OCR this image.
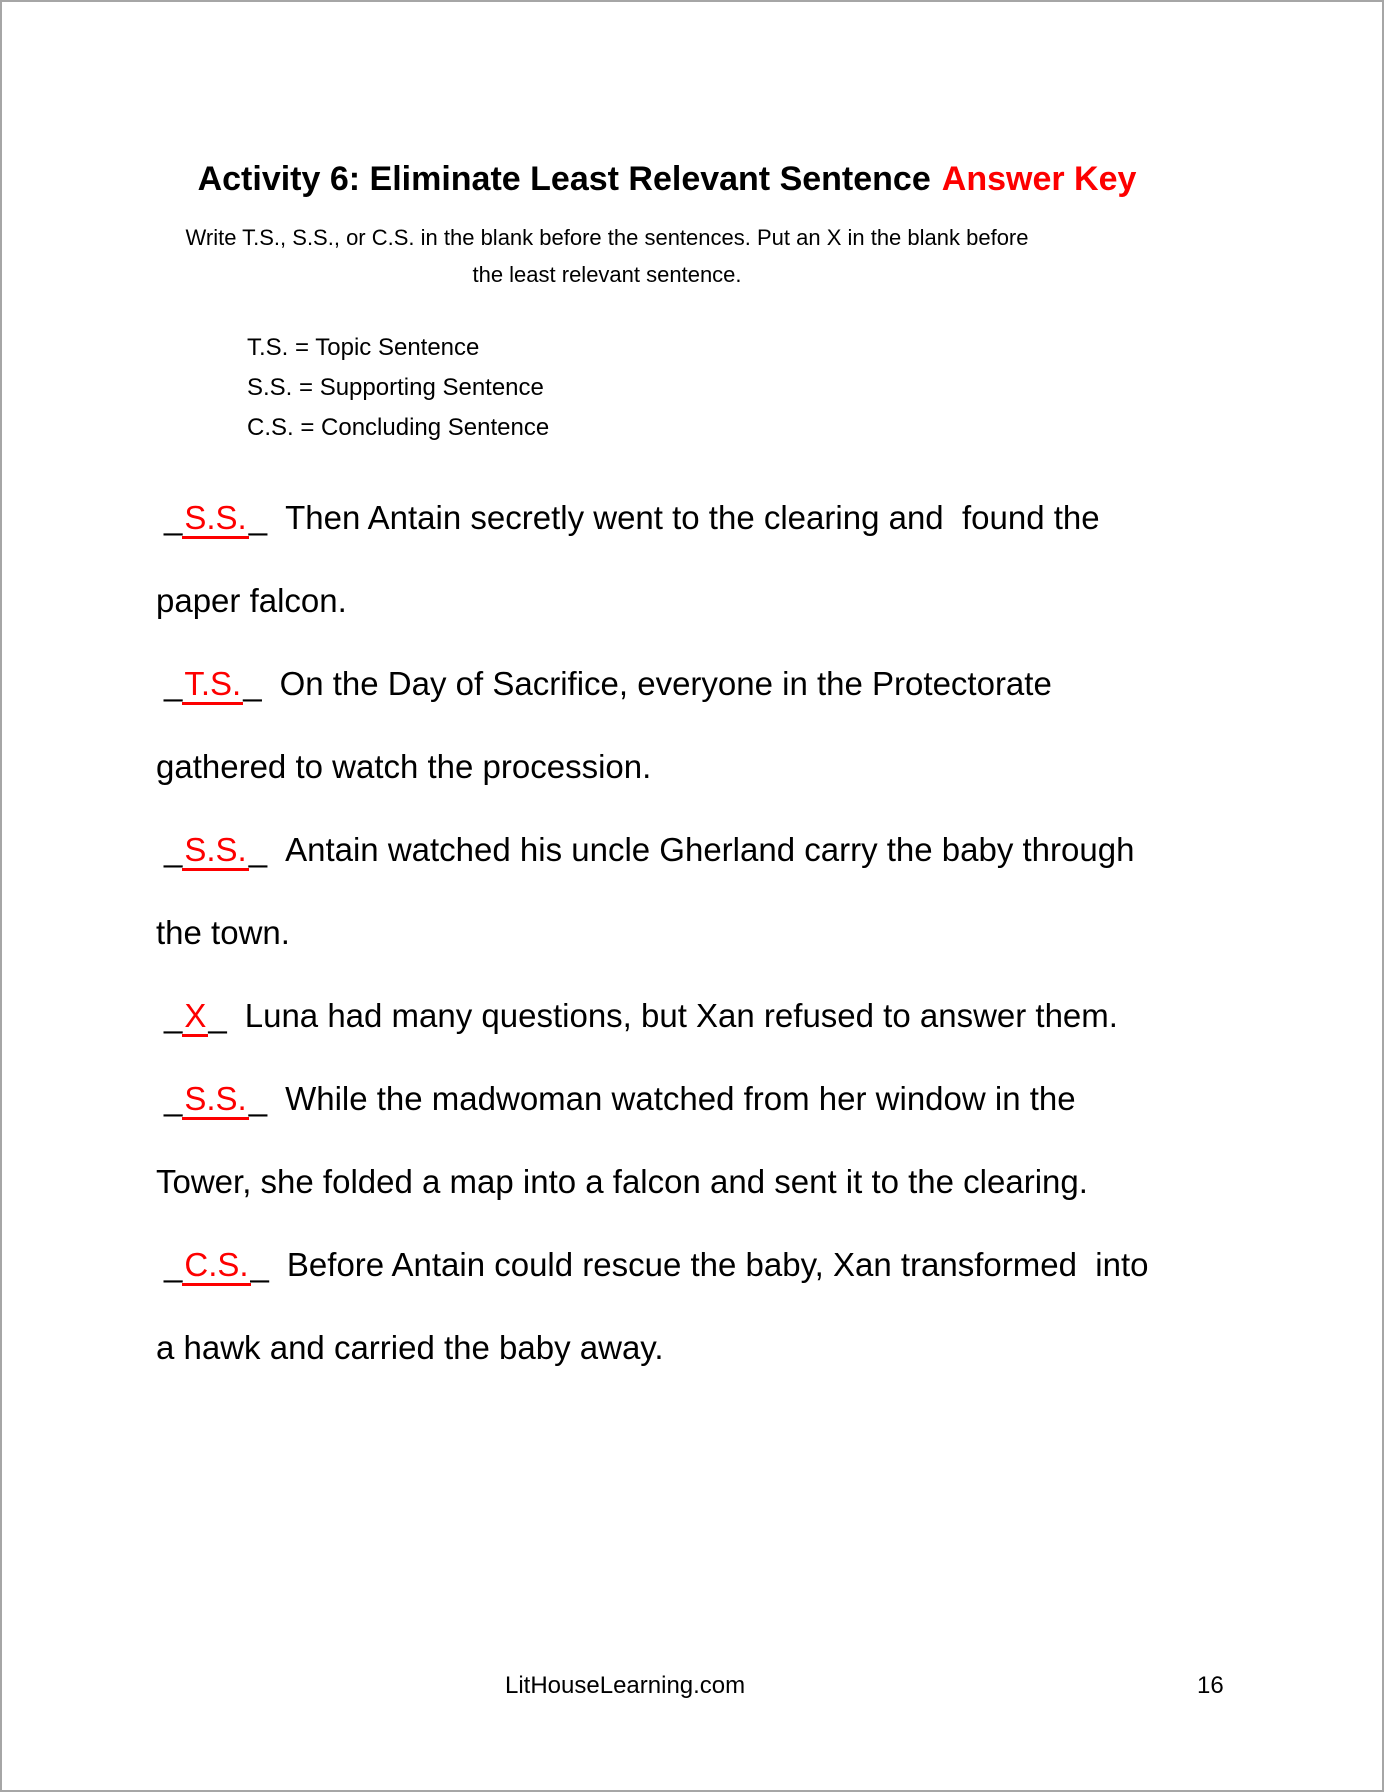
Activity 6: Eliminate Least Relevant Sentence Answer Key
Write T.S., S.S., or C.S. in the blank before the sentences. Put an X in the blank before
the least relevant sentence.
T.S. = Topic Sentence
S.S. = Supporting Sentence
C.S. = Concluding Sentence
_S.S._ Then Antain secretly went to the clearing and  found the
paper falcon.
_T.S._ On the Day of Sacrifice, everyone in the Protectorate
gathered to watch the procession.
_S.S._ Antain watched his uncle Gherland carry the baby through
the town.
_X_ Luna had many questions, but Xan refused to answer them.
_S.S._ While the madwoman watched from her window in the
Tower, she folded a map into a falcon and sent it to the clearing.
_C.S._ Before Antain could rescue the baby, Xan transformed  into
a hawk and carried the baby away.
LitHouseLearning.com	16
